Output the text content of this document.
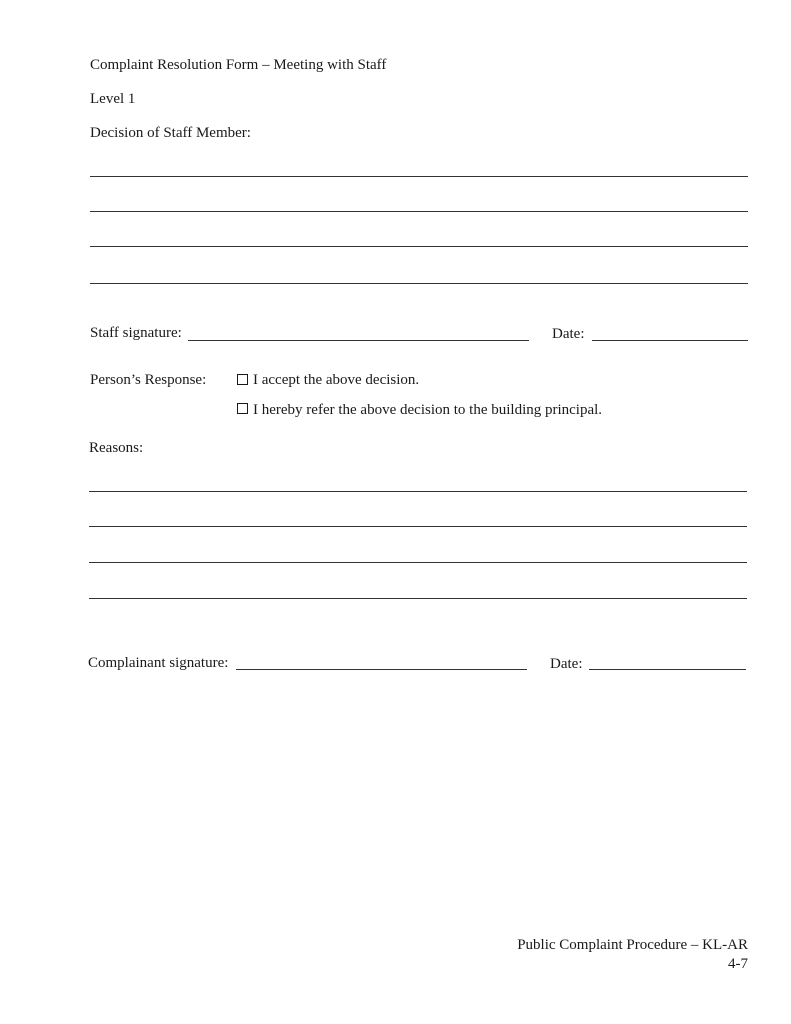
Complaint Resolution Form – Meeting with Staff
Level 1
Decision of Staff Member:
Staff signature:	Date:
Person’s Response:	I accept the above decision.
I hereby refer the above decision to the building principal.
Reasons:
Complainant signature:	Date:
Public Complaint Procedure – KL-AR
4-7
